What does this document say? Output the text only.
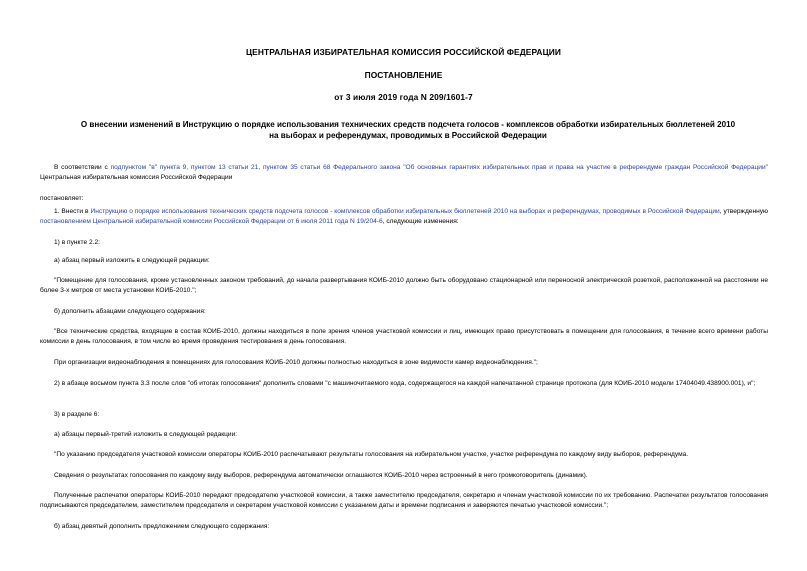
ЦЕНТРАЛЬНАЯ ИЗБИРАТЕЛЬНАЯ КОМИССИЯ РОССИЙСКОЙ ФЕДЕРАЦИИ
ПОСТАНОВЛЕНИЕ
от 3 июля 2019 года N 209/1601-7
О внесении изменений в Инструкцию о порядке использования технических средств подсчета голосов - комплексов обработки избирательных бюллетеней 2010
на выборах и референдумах, проводимых в Российской Федерации
В соответствии с подпунктом "в" пункта 9, пунктом 13 статьи 21, пунктом 35 статьи 68 Федерального закона "Об основных гарантиях избирательных прав и права на участие в референдуме граждан Российской Федерации" Центральная избирательная комиссия Российской Федерации
постановляет:
1. Внести в Инструкцию о порядке использования технических средств подсчета голосов - комплексов обработки избирательных бюллетеней 2010 на выборах и референдумах, проводимых в Российской Федерации, утвержденную постановлением Центральной избирательной комиссии Российской Федерации от 6 июля 2011 года N 19/204-6, следующие изменения:
1) в пункте 2.2:
а) абзац первый изложить в следующей редакции:
"Помещение для голосования, кроме установленных законом требований, до начала развертывания КОИБ-2010 должно быть оборудовано стационарной или переносной электрической розеткой, расположенной на расстоянии не более 3-х метров от места установки КОИБ-2010.";
б) дополнить абзацами следующего содержания:
"Все технические средства, входящие в состав КОИБ-2010, должны находиться в поле зрения членов участковой комиссии и лиц, имеющих право присутствовать в помещении для голосования, в течение всего времени работы комиссии в день голосования, в том числе во время проведения тестирования в день голосования.
При организации видеонаблюдения в помещениях для голосования КОИБ-2010 должны полностью находиться в зоне видимости камер видеонаблюдения.";
2) в абзаце восьмом пункта 3.3 после слов "об итогах голосования" дополнить словами "с машиночитаемого кода, содержащегося на каждой напечатанной странице протокола (для КОИБ-2010 модели 17404049.438900.001), и";
3) в разделе 6:
а) абзацы первый-третий изложить в следующей редакции:
"По указанию председателя участковой комиссии операторы КОИБ-2010 распечатывают результаты голосования на избирательном участке, участке референдума по каждому виду выборов, референдума.
Сведения о результатах голосования по каждому виду выборов, референдума автоматически оглашаются КОИБ-2010 через встроенный в него громкоговоритель (динамик).
Полученные распечатки операторы КОИБ-2010 передают председателю участковой комиссии, а также заместителю председателя, секретарю и членам участковой комиссии по их требованию. Распечатки результатов голосования подписываются председателем, заместителем председателя и секретарем участковой комиссии с указанием даты и времени подписания и заверяются печатью участковой комиссии.";
б) абзац девятый дополнить предложением следующего содержания:
